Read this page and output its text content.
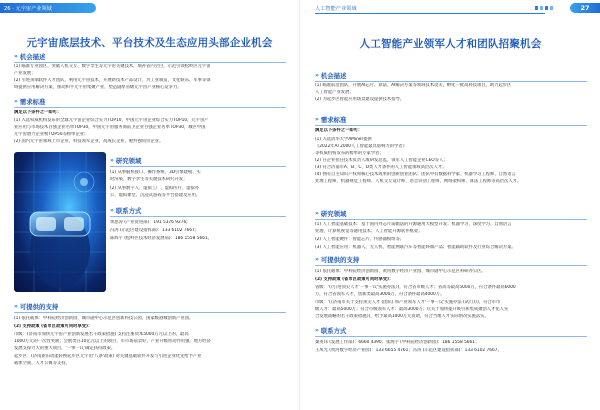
26 · 元宇宙产业领域
元宇宙底层技术、平台技术及生态应用头部企业机会
» 机会描述
(1) 瞄准专业园区，突破人机交互、数字孪生等元宇宙关键技术，填补省内空白，示范引领松岭区元宇宙
产业发展；
(2) 引进顶端软件人才团队，利用元宇宙技术，开展新技术产品设计，为工业制造、文化娱乐、军事等领
域提供应用解决方案，推动和平元宇宙集聚产业，塑造副原省级元宇宙产业核心竞争力。
» 需求标准
满足以下条件之一即可：
(1) 入选权威机构发布的全球元宇宙企业综合实力TOP10，中国元宇宙企业综合实力TOP10，元宇宙产
业应用与市场技术百强企业名单TOP30，中国元宇宙服务商前卫企业百强企业名单TOP30，城区中国
元宇宙潜力企业榜TOP50等榜单企业；
(2) 国内元宇宙领域上市企业，科技领军企业，高成长企业，瞪羚独角兽企业。
» 研究领域
(1) 从事脑机接口、操作系统、3D引擎建模、实
时渲染、数字孪生等关键技术研究开发；
(2) 从事数字人、虚拟工厂、虚拟医疗、虚拟办
公、虚拟课堂、沉浸式游戏等平台搭建及应用。
» 联系方式
黄思涛 (产业促进部)：191 5376 9276;
冯涛 (示范区建设指挥部)：133 6102 7667;
陈辉宇 (松岭区技术经济发展局)：186 1558 5661。
» 可提供的支持
(1) 依托载体：中科院经济创新园、城市副中心示范区创新科技公园、国家级港城创新产业园。
(2) 支持政策 (省市区政策可同时享受)：
市级：(济南市加快元宇宙产业创新发展若干政策措施) 支持注册资本5000万元以上的，最高
1000万元的一次性奖励；会展类在10亿元以上的项目，市市场前景好，产业升级带动作用强，地方经济
发展支撑力大的重大项目，'一事一议'确定扶持政策。
起步区：(济南新旧动能转换起步区元宇宙'八条'政策) 对关键基础软件开发与引进企业优先给予产业
载体空间、人才公寓等支持。
人工智能产业领域	27
人工智能产业领军人才和团队招聚机会
» 机会描述
(1) 瞄准前沿团队，开展AI芯片、算法、AI解决方案等领域技术攻关，孵化一批高科技项目，助力起步区
人工智能产业发展；
(2) 为起步区智能应用场景建设提供技术指导。
» 需求标准
满足以下条件之一即可：
(1) 入选清华大学AMiner提供
《2022年AI 2000人工智能最具影响力的学者》
等权威机构发布的榜单的专家学者；
(2) 在企业担任技术负责人或研发总监，领军人工智能企业CEO等人；
(3) 符合济南市A、B、C、D类人才条件的人工智能领域高层次人才；
(4) 拥有自主知识产权和核心技术成果的创新创业团队；团队中有数据科学家、机器学习工程师、自然语言
处理工程师、机器视觉工程师、人机交互设计师、语音识别工程师、网络架构师、算法工程师等高层次人才。
» 研究领域
(1) 人工智能基础技术：基于国内外芯片前瞻法的开源通用大模型开发；机器学习、深度学习、自然语言
处理、计算机视觉等通用技术；人工智能开源软件框架；
(2) 人工智能硬件：智能芯片、传感器模组等；
(3) 人工智能应用：机器人、无人机、智能网联汽车等智能终端产品；智能辅助软件及行业综合解决方案。
» 可提供的支持
(1) 依托载体：中科院经济创新园、黄河数字经济产业园、城市副中心示范区科研办公区。
(2) 支持政策 (省市区政策可同时享受)：
省级：'(《引进顶尖人才'一事一议'实施办法》)，符合省市级人才；省高等最高5000万，符合条件最高6000
万，符合省领军人才，创新类最高3000万，符合条件最高4000万。
市级：'(《济南市关于支持顶尖人才 (团队) 和产业领军人才'一事一议'实施办法 (试行)》)，符合市市
级人才：最高5000万；符合市级领军人才：最高3000万；(《关于加快提升吸引和集成聚创人才化人实
合发展战略的若干政策措施》)，给予最高1000万元资助，符合当地人才实际情况实施落实。
» 联系方式
秦英玮 (发展工作部)：6660 4390；张海宇 (中科院经济创新园)：186 1558 5661；
王凤光 (黄河数字经济产业园)：133 6655 4761；冯涛 (示范区建设指挥部)：133 6102 7667。
